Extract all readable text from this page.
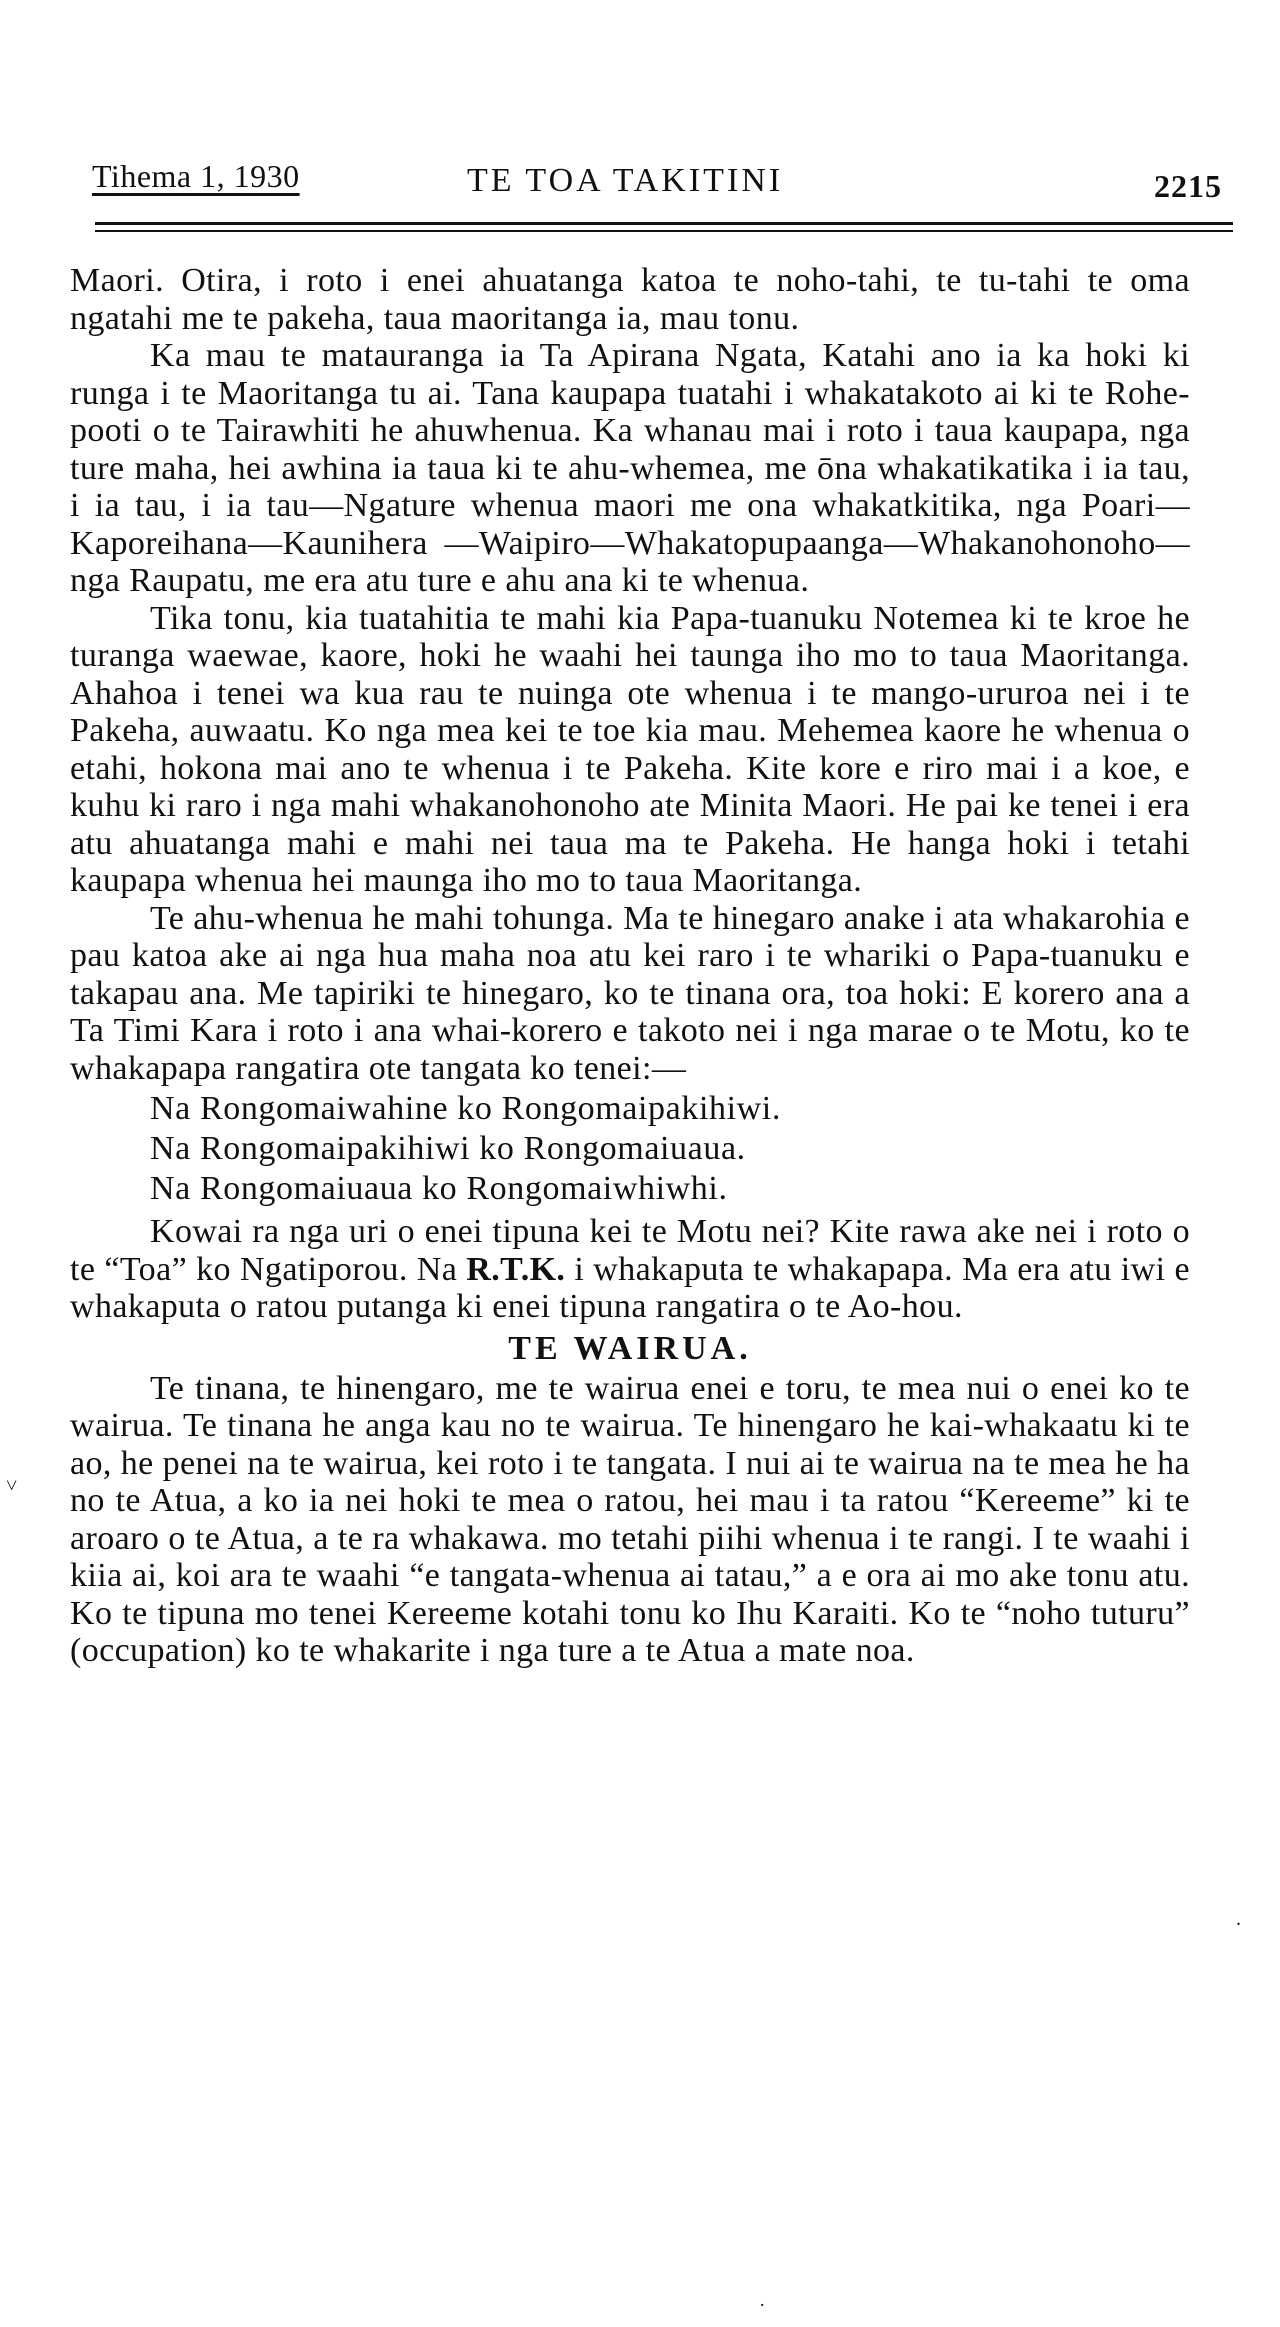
Tihema 1, 1930	TE TOA TAKITINI	2215

Maori. Otira, i roto i enei ahuatanga katoa te noho-tahi, te tu-tahi te oma ngatahi me te pakeha, taua maoritanga ia, mau tonu.

Ka mau te matauranga ia Ta Apirana Ngata, Katahi ano ia ka hoki ki runga i te Maoritanga tu ai. Tana kaupapa tuatahi i whakatakoto ai ki te Rohe-pooti o te Tairawhiti he ahuwhenua. Ka whanau mai i roto i taua kaupapa, nga ture maha, hei awhina ia taua ki te ahu-whemea, me ōna whakatikatika i ia tau, i ia tau, i ia tau—Ngature whenua maori me ona whakatkitika, nga Poari—Kaporeihana—Kaunihera —Waipiro—Whakatopupaanga—Whakanohonoho—nga Raupatu, me era atu ture e ahu ana ki te whenua.

Tika tonu, kia tuatahitia te mahi kia Papa-tuanuku Notemea ki te kroe he turanga waewae, kaore, hoki he waahi hei taunga iho mo to taua Maoritanga. Ahahoa i tenei wa kua rau te nuinga ote whenua i te mango-ururoa nei i te Pakeha, auwaatu. Ko nga mea kei te toe kia mau. Mehemea kaore he whenua o etahi, hokona mai ano te whenua i te Pakeha. Kite kore e riro mai i a koe, e kuhu ki raro i nga mahi whakanohonoho ate Minita Maori. He pai ke tenei i era atu ahuatanga mahi e mahi nei taua ma te Pakeha. He hanga hoki i tetahi kaupapa whenua hei maunga iho mo to taua Maoritanga.

Te ahu-whenua he mahi tohunga. Ma te hinegaro anake i ata whakarohia e pau katoa ake ai nga hua maha noa atu kei raro i te whariki o Papa-tuanuku e takapau ana. Me tapiriki te hinegaro, ko te tinana ora, toa hoki: E korero ana a Ta Timi Kara i roto i ana whai-korero e takoto nei i nga marae o te Motu, ko te whakapapa rangatira ote tangata ko tenei:—

Na Rongomaiwahine ko Rongomaipakihiwi.
Na Rongomaipakihiwi ko Rongomaiuaua.
Na Rongomaiuaua ko Rongomaiwhiwhi.

Kowai ra nga uri o enei tipuna kei te Motu nei? Kite rawa ake nei i roto o te “Toa” ko Ngatiporou. Na R.T.K. i whakaputa te whakapapa. Ma era atu iwi e whakaputa o ratou putanga ki enei tipuna rangatira o te Ao-hou.

TE WAIRUA.

Te tinana, te hinengaro, me te wairua enei e toru, te mea nui o enei ko te wairua. Te tinana he anga kau no te wairua. Te hinengaro he kai-whakaatu ki te ao, he penei na te wairua, kei roto i te tangata. I nui ai te wairua na te mea he ha no te Atua, a ko ia nei hoki te mea o ratou, hei mau i ta ratou “Kereeme” ki te aroaro o te Atua, a te ra whakawa. mo tetahi piihi whenua i te rangi. I te waahi i kiia ai, koi ara te waahi “e tangata-whenua ai tatau,” a e ora ai mo ake tonu atu. Ko te tipuna mo tenei Kereeme kotahi tonu ko Ihu Karaiti. Ko te “noho tuturu” (occupation) ko te whakarite i nga ture a te Atua a mate noa.

˅
.
.
